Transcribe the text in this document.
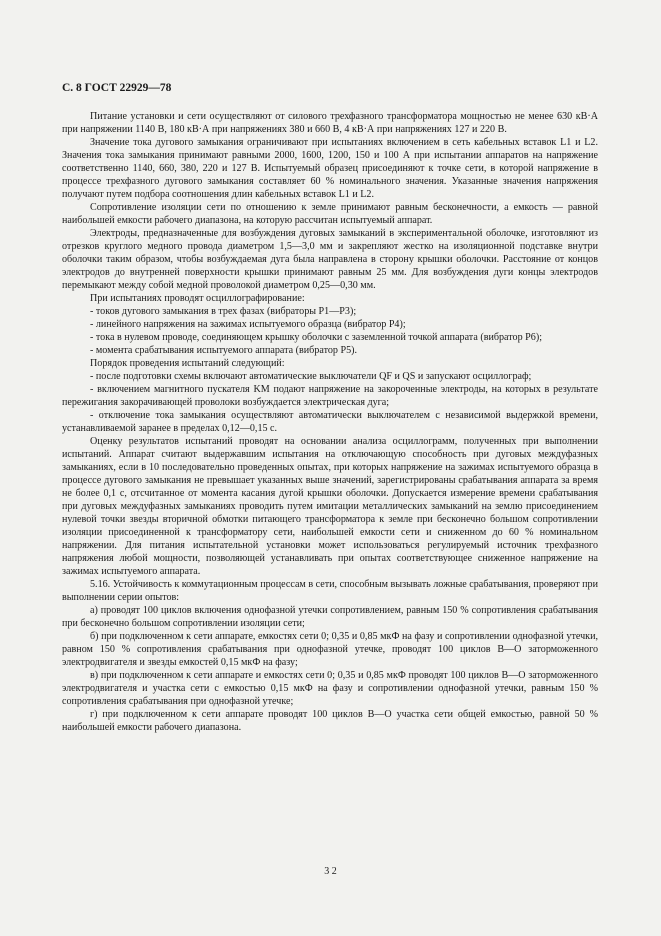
С. 8 ГОСТ 22929—78

Питание установки и сети осуществляют от силового трехфазного трансформатора мощностью не менее 630 кВ·А при напряжении 1140 В, 180 кВ·А при напряжениях 380 и 660 В, 4 кВ·А при напряжениях 127 и 220 В.

Значение тока дугового замыкания ограничивают при испытаниях включением в сеть кабельных вставок L1 и L2. Значения тока замыкания принимают равными 2000, 1600, 1200, 150 и 100 А при испытании аппаратов на напряжение соответственно 1140, 660, 380, 220 и 127 В. Испытуемый образец присоединяют к точке сети, в которой напряжение в процессе трехфазного дугового замыкания составляет 60 % номинального значения. Указанные значения напряжения получают путем подбора соотношения длин кабельных вставок L1 и L2.

Сопротивление изоляции сети по отношению к земле принимают равным бесконечности, а емкость — равной наибольшей емкости рабочего диапазона, на которую рассчитан испытуемый аппарат.

Электроды, предназначенные для возбуждения дуговых замыканий в экспериментальной оболочке, изготовляют из отрезков круглого медного провода диаметром 1,5—3,0 мм и закрепляют жестко на изоляционной подставке внутри оболочки таким образом, чтобы возбуждаемая дуга была направлена в сторону крышки оболочки. Расстояние от концов электродов до внутренней поверхности крышки принимают равным 25 мм. Для возбуждения дуги концы электродов перемыкают между собой медной проволокой диаметром 0,25—0,30 мм.

При испытаниях проводят осциллографирование:

- токов дугового замыкания в трех фазах (вибраторы Р1—Р3);

- линейного напряжения на зажимах испытуемого образца (вибратор Р4);

- тока в нулевом проводе, соединяющем крышку оболочки с заземленной точкой аппарата (вибратор Р6);

- момента срабатывания испытуемого аппарата (вибратор Р5).

Порядок проведения испытаний следующий:

- после подготовки схемы включают автоматические выключатели QF и QS и запускают осциллограф;

- включением магнитного пускателя KM подают напряжение на закороченные электроды, на которых в результате пережигания закорачивающей проволоки возбуждается электрическая дуга;

- отключение тока замыкания осуществляют автоматически выключателем с независимой выдержкой времени, устанавливаемой заранее в пределах 0,12—0,15 с.

Оценку результатов испытаний проводят на основании анализа осциллограмм, полученных при выполнении испытаний. Аппарат считают выдержавшим испытания на отключающую способность при дуговых междуфазных замыканиях, если в 10 последовательно проведенных опытах, при которых напряжение на зажимах испытуемого образца в процессе дугового замыкания не превышает указанных выше значений, зарегистрированы срабатывания аппарата за время не более 0,1 с, отсчитанное от момента касания дугой крышки оболочки. Допускается измерение времени срабатывания при дуговых междуфазных замыканиях проводить путем имитации металлических замыканий на землю присоединением нулевой точки звезды вторичной обмотки питающего трансформатора к земле при бесконечно большом сопротивлении изоляции присоединенной к трансформатору сети, наибольшей емкости сети и сниженном до 60 % номинальном напряжении. Для питания испытательной установки может использоваться регулируемый источник трехфазного напряжения любой мощности, позволяющей устанавливать при опытах соответствующее сниженное напряжение на зажимах испытуемого аппарата.

5.16. Устойчивость к коммутационным процессам в сети, способным вызывать ложные срабатывания, проверяют при выполнении серии опытов:

а) проводят 100 циклов включения однофазной утечки сопротивлением, равным 150 % сопротивления срабатывания при бесконечно большом сопротивлении изоляции сети;

б) при подключенном к сети аппарате, емкостях сети 0; 0,35 и 0,85 мкФ на фазу и сопротивлении однофазной утечки, равном 150 % сопротивления срабатывания при однофазной утечке, проводят 100 циклов В—О заторможенного электродвигателя и звезды емкостей 0,15 мкФ на фазу;

в) при подключенном к сети аппарате и емкостях сети 0; 0,35 и 0,85 мкФ проводят 100 циклов В—О заторможенного электродвигателя и участка сети с емкостью 0,15 мкФ на фазу и сопротивлении однофазной утечки, равным 150 % сопротивления срабатывания при однофазной утечке;

г) при подключенном к сети аппарате проводят 100 циклов В—О участка сети общей емкостью, равной 50 % наибольшей емкости рабочего диапазона.

3 2
